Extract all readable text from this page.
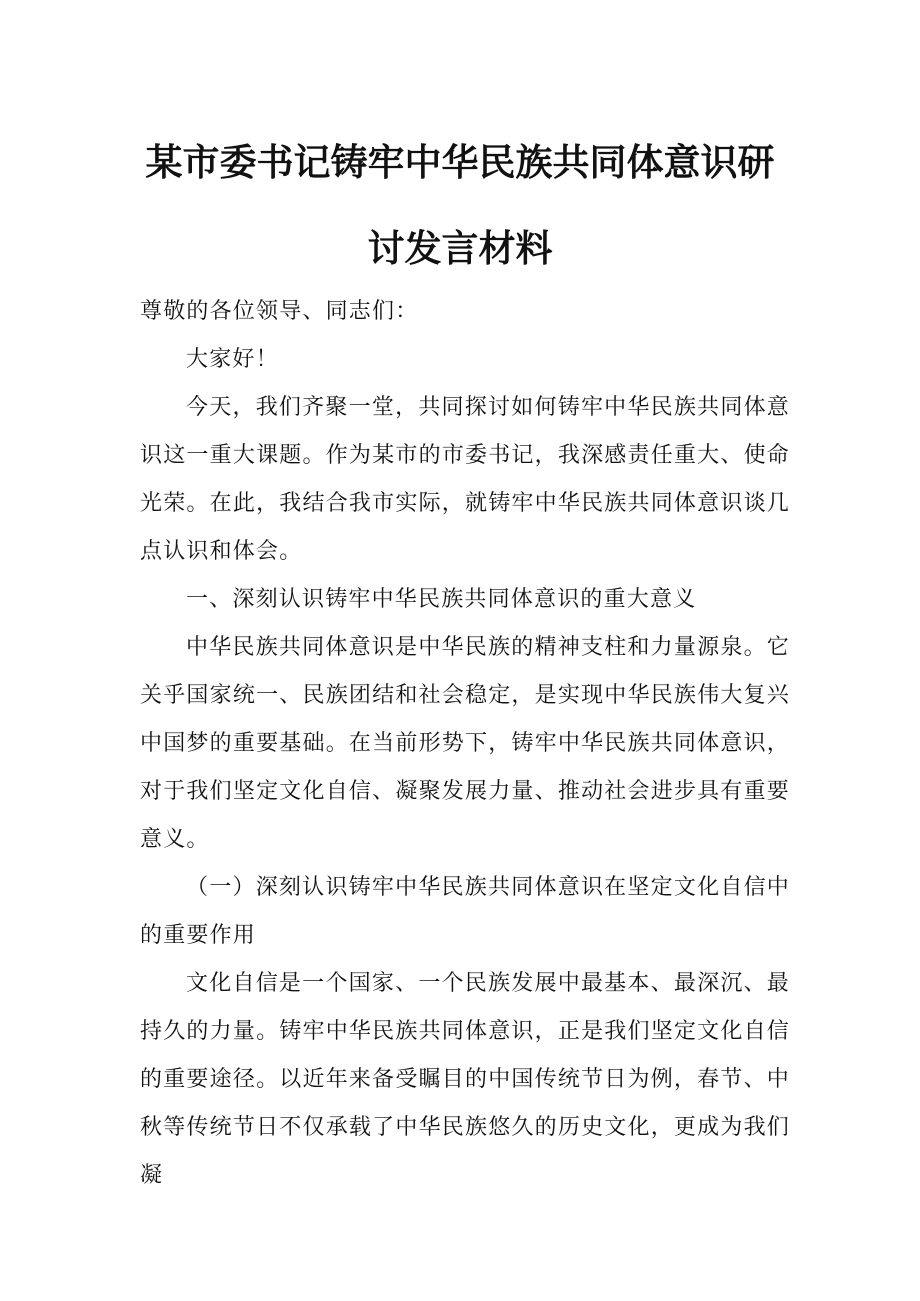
某市委书记铸牢中华民族共同体意识研
讨发言材料

尊敬的各位领导、同志们：

大家好！

今天，我们齐聚一堂，共同探讨如何铸牢中华民族共同体意识这一重大课题。作为某市的市委书记，我深感责任重大、使命光荣。在此，我结合我市实际，就铸牢中华民族共同体意识谈几点认识和体会。

一、深刻认识铸牢中华民族共同体意识的重大意义

中华民族共同体意识是中华民族的精神支柱和力量源泉。它关乎国家统一、民族团结和社会稳定，是实现中华民族伟大复兴中国梦的重要基础。在当前形势下，铸牢中华民族共同体意识，对于我们坚定文化自信、凝聚发展力量、推动社会进步具有重要意义。

（一）深刻认识铸牢中华民族共同体意识在坚定文化自信中的重要作用

文化自信是一个国家、一个民族发展中最基本、最深沉、最持久的力量。铸牢中华民族共同体意识，正是我们坚定文化自信的重要途径。以近年来备受瞩目的中国传统节日为例，春节、中秋等传统节日不仅承载了中华民族悠久的历史文化，更成为我们凝
